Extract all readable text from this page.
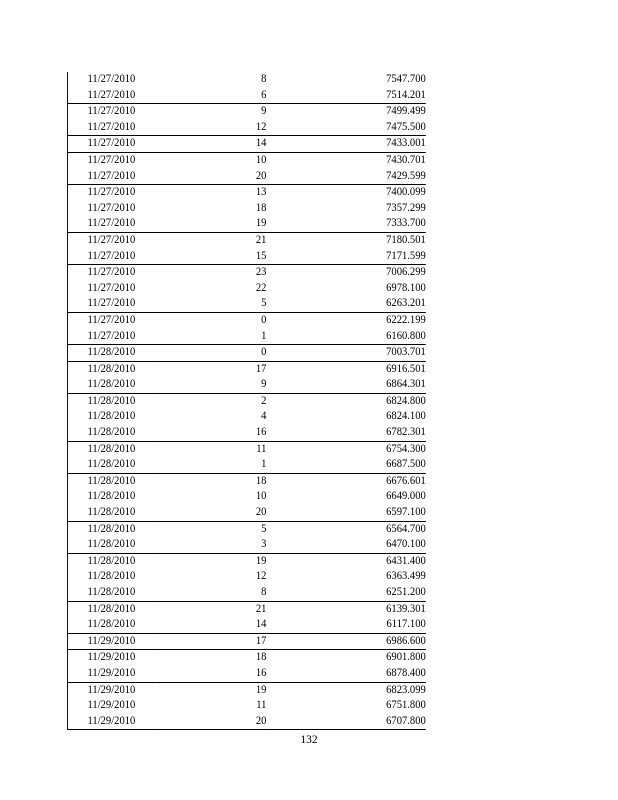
11/27/2010	8	7547.700
11/27/2010	6	7514.201
11/27/2010	9	7499.499
11/27/2010	12	7475.500
11/27/2010	14	7433.001
11/27/2010	10	7430.701
11/27/2010	20	7429.599
11/27/2010	13	7400.099
11/27/2010	18	7357.299
11/27/2010	19	7333.700
11/27/2010	21	7180.501
11/27/2010	15	7171.599
11/27/2010	23	7006.299
11/27/2010	22	6978.100
11/27/2010	5	6263.201
11/27/2010	0	6222.199
11/27/2010	1	6160.800
11/28/2010	0	7003.701
11/28/2010	17	6916.501
11/28/2010	9	6864.301
11/28/2010	2	6824.800
11/28/2010	4	6824.100
11/28/2010	16	6782.301
11/28/2010	11	6754.300
11/28/2010	1	6687.500
11/28/2010	18	6676.601
11/28/2010	10	6649.000
11/28/2010	20	6597.100
11/28/2010	5	6564.700
11/28/2010	3	6470.100
11/28/2010	19	6431.400
11/28/2010	12	6363.499
11/28/2010	8	6251.200
11/28/2010	21	6139.301
11/28/2010	14	6117.100
11/29/2010	17	6986.600
11/29/2010	18	6901.800
11/29/2010	16	6878.400
11/29/2010	19	6823.099
11/29/2010	11	6751.800
11/29/2010	20	6707.800
132
